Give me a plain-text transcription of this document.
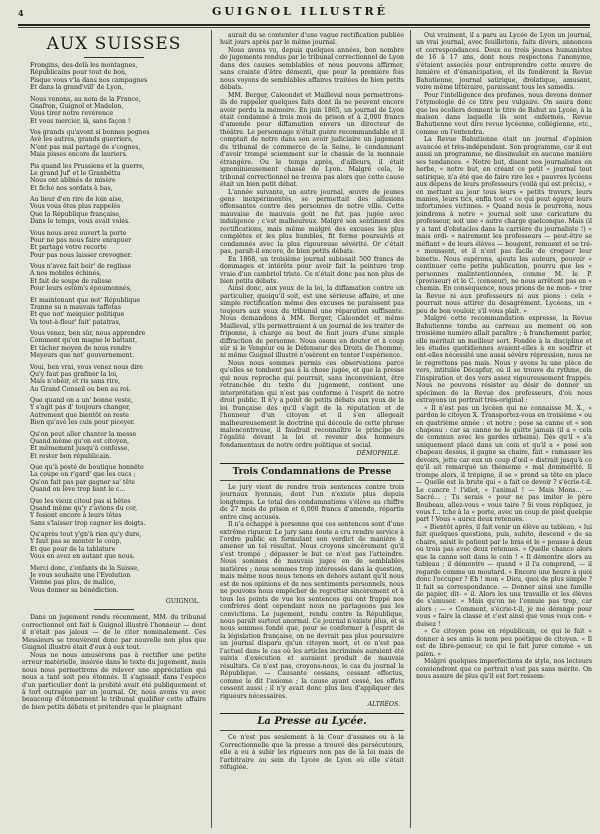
4	GUIGNOL ILLUSTRÉ
AUX SUISSES
Frongins, des-delà les montagnes,
Républicains pour tout de bon,
Pisque vous v'la dans nos campagnes
Et dans la grand'vill' de Lyon,
Nous venons, au nom de la France,
Gnafron, Guignol et Madelon,
Vous tirer notre revérence
Et vous mercier, là, sans façon !
Vos grands qu'avont si bonnes pognes
Avè les autres, grands guerriers,
N'ont pas mal partagé de s'cognes,
Mais pisses encore de lauriers.
Pis quand les Prussiens et la guerre,
Le grand Juf' et le Granbêtta
Nous ont abîmés de misère
Et fiché nos sordats à bas,
Au lieur d'en rire de loin aise,
Vous vous êtes plus rappelés
Que la République française,
Dans le temps, vous avait volés.
Vous nous avez ouvert la porte
Pour ne pas nous faire enrapuer
Et partagé votre recorte
Pour pas nous laisser crevogner.
Vous n'avez fait boir' de reglisse
A nos mobiles échinés,
Et fait de soupe de ralisse
Pour leurs estôm's époumonnés,
Et maintenant que not' République
Tranne su n mauvais taffetas
Et que not' meiquier politique
Va tout-à-fleur' fait' patatras,
Vous venez, ben sûr, nous apprendre
Comment qu'on magne le battant,
Et tâcher moyen de nous rendre
Meyeurs que not' gouvernement.
Voui, ben vrai, vous venez nous dire
Qu'y faut pas grafiner la loi,
Mais n'obéir, et ris sans rire,
Au Grand Conseil ou ben au roi.
Que quand on a un' bonne veste,
Y s'agit pas d' toujours changer,
Autrement que bientôt on reste
Bien qu'avè les cuis pour piceyer.
Qu'on peut aller chanter la messe
Quand même qu'on est citoyen,
Et mêmement jusqu'à confesse,
Et rester bon républicain.
Que qu'à posté de boutique honnête
La coupe on r'gard' que les cucs ;
Qu'on fait pas par gagner sa' tête
Quand on lève trop liant le c...
Que les vieux citoul pas si bêtes
Quand même qu'y z'avions du cor,
Y fesiont encore à leurs têtes
Sans s'laisser trop cagner les doigts.
Qu'après tout y'gn'à rien qu'y dure,
Y faut pas se monter le coup,
Et que pour de la tablature
Vous en avez en autant que nous.
Merci donc, z'enfants de la Suisse,
Je vous souhaite une l'Evolution
Vienne pas plus, de malice,
Vous donner sa bénédiction.
GUIGNOL.

Dans un jugement rendu récemment, MM. du tribunal correctionnel ont fait à Guignol illustré l'honneur — dont il n'était pas jaloux — de le citer nominalement. Ces Messieurs se trouvèrent donc par nouvelle non plus que Guignol illustré était d'eux à eux tout.

Nous ne nous amusèrons pas à rectifier une petite erreur matérielle, insérée dans le texte du jugement, mais nous nous permettrons de relever une appréciation qui nous a tant soit peu étonnés. Il s'agissait dans l'espèce d'un particulier dont la probité avait été publiquement et à tort outragée par un journal. Or, nous avons vu avec beaucoup d'étonnement le tribunal qualifier cette affaire de bien petits débats et prétendre que le plaignant

aurait du se contenter d'une vague rectification publiée huit jours après par le même journal.

Nous avons vu, depuis quelques années, bon nombre de jugements rendus par le tribunal correctionnel de Lyon dans des causes semblables et nous pouvons affirmer, sans crainte d'être démenti, que pour la première fois nous voyons de semblables affaires traitées de bien petits débats.

MM. Berger, Caleondet et Mailleval nous permettrons-ils de rappeler quelques faits dont ils ne peuvent encore avoir perdu la mémoire. En juin 1865, un journal de Lyon était condamné à trois mois de prison et à 2,000 francs d'amende pour diffamation envers un directeur de théâtre. Le personnage n'était guère recommandable et il comptait de notre dans son avoir judiciaire un jugement du tribunal de commerce de la Seine, le condamnant d'avoir trompé sciemment sur le chassie de la monnaie étrangère. Ou le temps après, d'ailleurs, il était ignominieusement chassé de Lyon. Malgré cela, le tribunal correctionnel ne trouva pas alors que cette cause était un bien petit débat.

L'année suivante, un autre journal, œuvre de jeunes gens inexpérimentés, se permettait des allusions offensantes contre des personnes de notre ville. Cette mauvaise de mauvais goût ne fut pas jugée avec indulgence ; c'est malheureux. Malgré son sentiment des rectifications, mais même malgré des excuses les plus complètes et les plus humbles, fit ferme poursuivis et condamnés avec la plus rigoureuse sévérité. Or c'était pas, paraît-il encore, de bien petits débats.

En 1868, un troisième journal subissait 500 francs de dommages et intérêts pour avoir fait la peinture trop vraie d'un cambriol triste. Ce n'était donc pas non plus de bien petits débats.

Ainsi donc, aux yeux de la loi, la diffamation contre un particulier, quoiqu'il soit, est une sérieuse affaire, et une simple rectification même des excuses ne paraissent pas toujours aux yeux du tribunal une réparation suffisante. Nous demandons à MM. Berger, Caleondet et même Mailleval, s'ils permettraient à un journal de les traiter de friponne, à charge au bout de huit jours d'une simple diffraction de personne. Nous osons en douter et à coup sûr si le Vengeur ou le Défenseur des Droits de l'homme, ni même Guignol illustré n'osèrent en tenter l'expérience.

Nous nous sommes permis ces observations parce qu'elles se tombent pas à la chose jugée, et que la presse qui nous reproche qui pourrait, sans inconvénient, être retranchée du texte du jugement, contient une interprétation qui n'est pas conforme à l'esprit de notre droit public. Il n'y a point de petits débats aux yeux de la loi française dès qu'il s'agit de la réputation et de l'honneur d'un citoyen et il s'en allegeait malheureusement le doctrine qui découle de cette phrase malencontreuse, il faudrait reconnaître le principe de l'égalité devant la loi et revenir des honneurs fondamentaux de notre ordre politique et social.

DÉMOPHILE.
Trois Condamnations de Presse

Le jury vient de rendre trois sentences contre trois journaux lyonnais, dont l'un n'existe plus depuis longtemps. Le total des condamnations s'élève au chiffre de 27 mois de prison et 6,000 francs d'amende, répartis entre cinq accusés.

Il n'a échappé à personne que ces sentences sont d'une extrême rigueur. Le jury sans doute a cru rendre service à l'ordre public en formulant son verdict de manière à amener un tel résultat. Nous croyons sincèrement qu'il s'est trompé ; dépasser le but ce n'est pas l'atteindre. Nous sommes de mauvais juges en de semblables matières ; nous sommes trop intéressés dans la question, mais même nous nous tenons en dehors autant qu'il nous est de nos opinions et de nos sentiments personnels, nous ne pouvons nous empêcher de regretter sincèrement et à tous les points de vue les sentences qui ont frappé nos confrères dont cependant nous ne partageons pas les convictions. Le jugement, rendu contre la République, nous paraît surtout anormal. Ce journal n'existe plus, et si nous sommes fondé que, pour se conformer à l'esprit de la législation française, on ne devrait pas plus poursuivre un journal disparu qu'un citoyen mort, et ce n'est pas l'actuel dans le cas où les articles incriminés auraient été suivis d'exécution et auraient produit de mauvais résultats. Ce n'est pas, croyons-nous, le cas du journal la République. — Causante cessans, cessant effectus, comme le dit l'axiome ; la cause ayant cessé, les effets cessent aussi ; il n'y avait donc plus lieu d'appliquer des rigueurs nécessaires.

ALTRÉOS.
La Presse au Lycée.

Ce n'est pas seulement à la Cour d'assises ou à la Correctionnelle que la presse a trouvé des persécuteurs, elle a eu à subir les rigueurs non pas de la loi mais de l'arbitraire au sein du Lycée de Lyon où elle s'était réfugiée.

Oui vraiment, il a paru au Lycée de Lyon un journal, un vrai journal, avec feuilletons, faits divers, annonces et correspondances. Deux ou trois jeunes humanistes de 16 à 17 ans, dont nous respectons l'anonyme, s'étaient associés pour entreprendre cette œuvre de lumière et d'émancipation, et ils fondèrent la Revue Bahutienne, journal satirique, drolatique, amusant, voire même littéraire, paraissant tous les samedis.

Pour l'intelligence des profanes, nous devons donner l'étymologie de ce titre peu vulgaire. On saura donc que les écoliers donnent le titre de Bahut au Lycée, à la maison dans laquelle ils sont enfermés. Revue Bahutienne veut dire revue lycéenne, collégienne, etc., comme on l'entendra.

La Revue Bahutienne était un journal d'opinion avancée et très-indépendant. Son programme, car il eut aussi un programme, ne dissimulait en aucune manière ses tendances. « Notre but, disent nos journalistes en herbe, « notre but, en créant ce petit « journal tout satirique, n'a été que de faire rire les « pauvres lycéens aux dépens de leurs professeurs (voilà qui est précis), « en mettant au jour tous leurs « petits travers, leurs manies, leurs tics, enfin tout « ce qui peut égayer leurs infortunées victimes. « Quand nous le pourrons, nous joindrons à notre « journal soit une caricature du professeur, soit une « autre charge quelconque. Mais (il y a tant d'obstacles dans la carrière du journaliste !) « mais ordi- « nairement les professeurs — peut-être se méfiant « de leurs élèves — bougent, remuent et se tré- « moussent, et il n'est pas facile de croquer leur binette. Nous espérons, ajouts les auteurs, pouvoir « continuer cette petite publication, pourvu que les « personnes malintentionnées, comme M. le P. (proviseur) et le C. (censeur), ne nous arrêtent pas en « chemin. En conséquence, nous prions de ne mon- « trer la Revue ni aux professeurs ni aux pions : cela « pourrait nous attirer du désagrément. Lycéens, un « peu de bon vouloir, s'il vous plaît. »

Malgré cette recommandation expresse, la Revue Bahutienne tomba au carreau au moment où son troisième numéro allait paraître ; à franchement parler, elle méritait un meilleur sort. Fondée à la discipline et les études quotidiennes avaient-elles à en souffrir et ont-elles nécessité une aussi sévère répression, nous ne le regrettons pas mais. Nous y avons lu une pièce de vers, intitulée Décapfur, où il se trouve du rythme, de l'inspiration et des vers assez vigoureusement frappés. Nous ne pouvons résister au désir de donner un spécimen de la Revue des professeurs, d'où nous extrayons un portrait très-original :

« Il n'est pas un lycéen qui ne connaisse M. X., « pardon le citoyen X. Transportez-vous en troisième « ou en quatrième année : et notre ; pose sa canne et « son chapeau : car sa canne ne le quitte jamais (il a « cela de commun avec les gardes urbains). Dès qu'il « s'a uniquement placé dans un coin et qu'il a « posé son chapeau dessus, il gagne sa chaire, fait « ramasser les devoirs, jette car eux un coup d'œil « distrait jusqu'à ce qu'il ait remarqué un thèmeme « mal dommérité. Il trompe alors, il trépigne, il se « prend sa tête en place — Quelle est la brute qui « a fait ce devoir ? s'écrie-t-il. Le cancre ! l'idiot, « l'animal ! — Mais Mons... — Sacré... ; Tu serais « pour ne pas imiter le père Boubeau, allez-vous « vous taire ? Si vous répliquez, je vous f... tche à la « porte, avec un coup de pied quelque part ! Vous « aurez deux retenues.

« Bientôt après, il fait venir un élève au tableau, « lui fait quelques questions, puis, subito, descend « de sa chaire, saisit le patient par le bras et le « pousse à deux ou trois pas avec deux retenues. « Quelle chance alors que la canne soit dans le coin ! « Il démontre alors au tableau ; il démontre — quand « il l'a comprend, — il regarde comme un moutard. « Encore une heure à quoi donc l'occuper ? Eh ! mon « Dieu, quoi de plus simple ? Il fait sa correspondance. — Donner ainsi une famille de papier, dit- « il. Alors les uns travaille et les élèves de s'amuser. « Mais qu'on ne l'ennuie pas trop, car alors : — « Comment, s'écrie-t-il, je me dérange pour vous « faire la classe et c'est ainsi que vous vous con- « duisez !

« Ce citoyen pose en républicain, ce qui le fait « donner à ses amis le nom peu poétique de citoyen. « Il est de libre-penseur, ce qui le fait jurer comme « un païen. »

Malgré quelques imperfections de style, nos lecteurs conviendront que ce portrait n'est pas sans mérite. On nous assure de plus qu'il est fort ressem-
